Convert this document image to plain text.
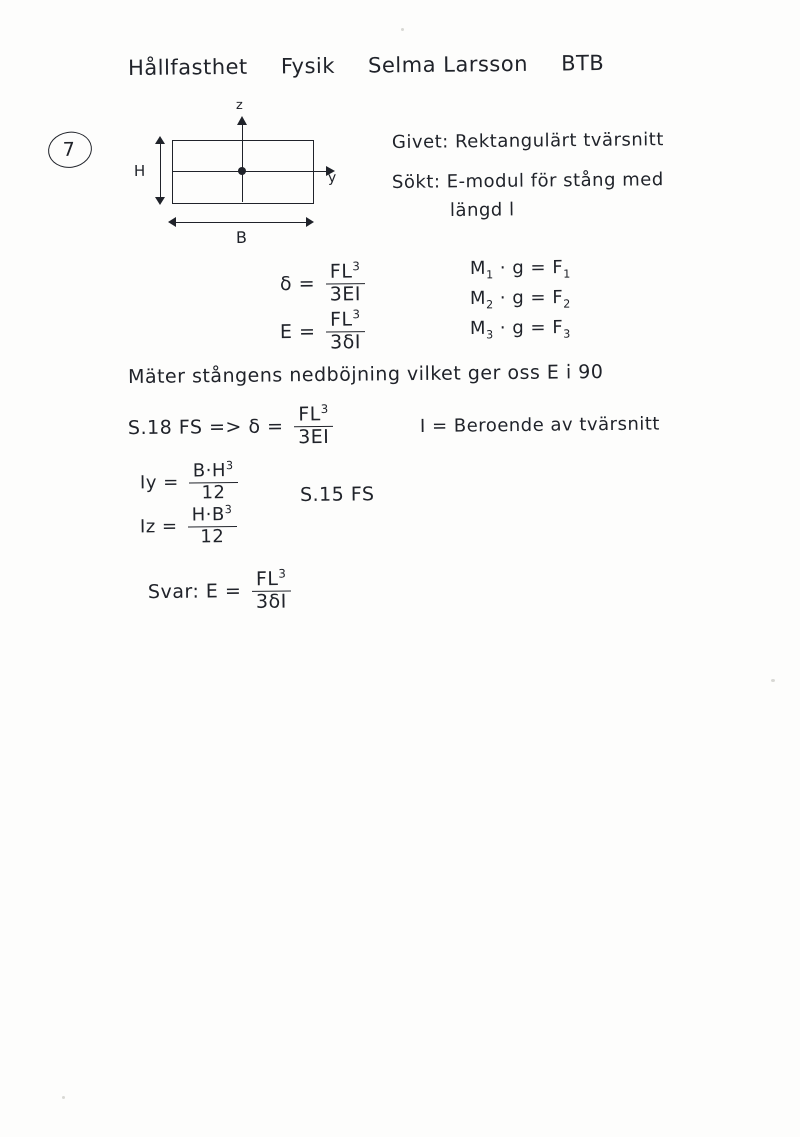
Hållfasthet Fysik Selma Larsson BTB
7
z
y
H
B
Givet: Rektangulärt tvärsnitt
Sökt: E-modul för stång med
längd l
$\delta = \frac{FL^3}{3EI}$
$E = \frac{FL^3}{3\delta I}$
$M_1 \cdot g = F_1$
$M_2 \cdot g = F_2$
$M_3 \cdot g = F_3$
Mäter stångens nedböjning vilket ger oss E i 90
S.18 FS => $\delta = \frac{FL^3}{3EI}$	I = Beroende av tvärsnitt
$Iy = \frac{B\cdot H^3}{12}$
$Iz = \frac{H\cdot B^3}{12}$
S.15 FS
Svar: $E = \frac{FL^3}{3\delta I}$
